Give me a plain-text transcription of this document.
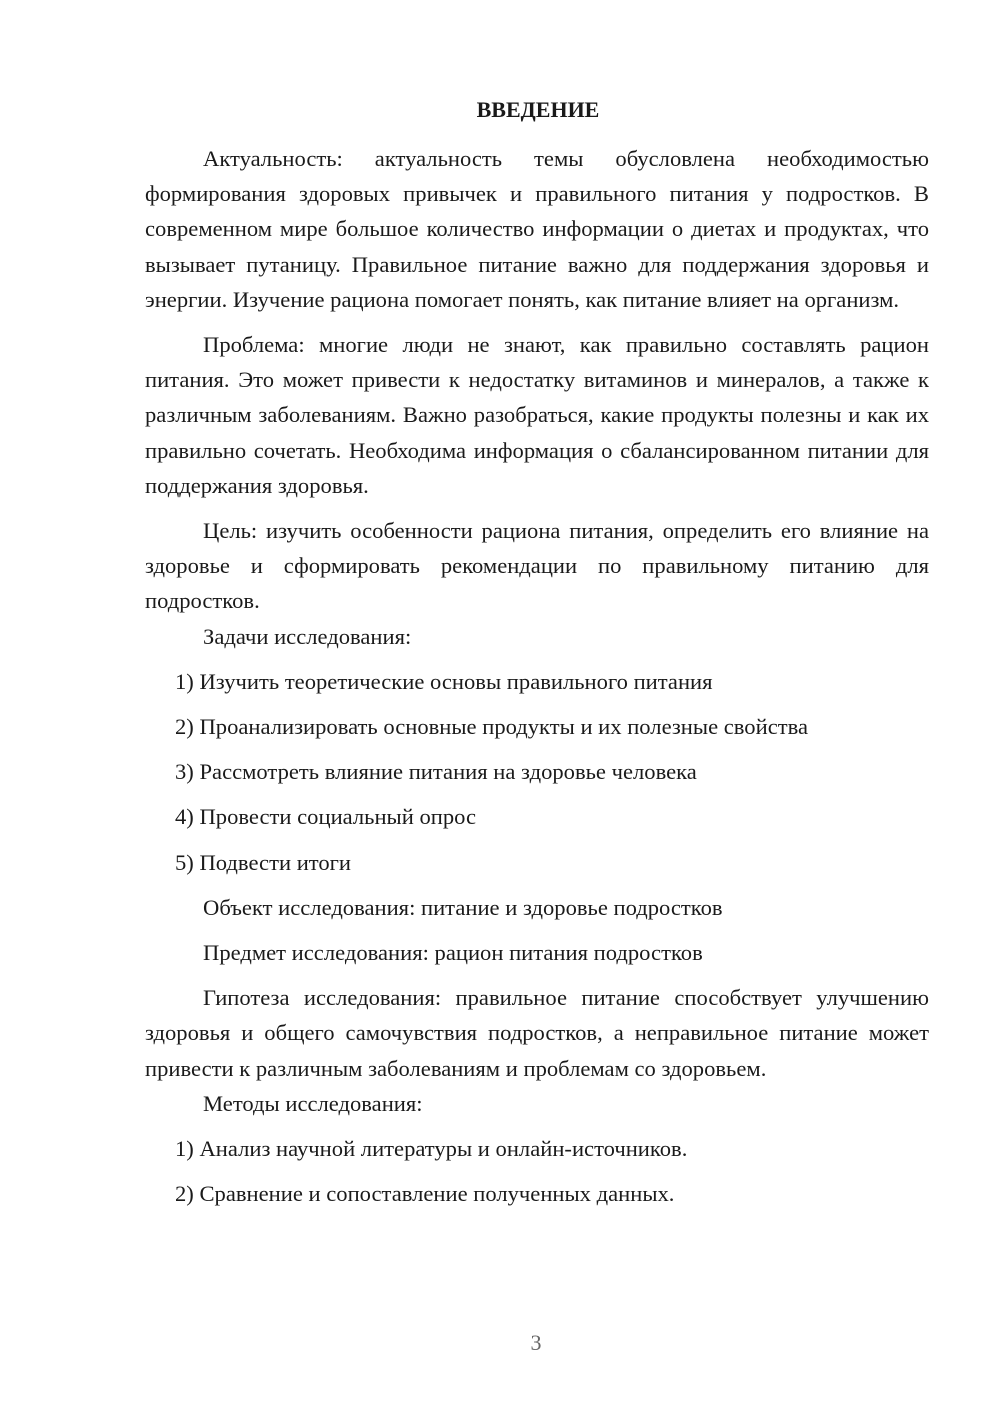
ВВЕДЕНИЕ

Актуальность: актуальность темы обусловлена необходимостью формирования здоровых привычек и правильного питания у подростков. В современном мире большое количество информации о диетах и продуктах, что вызывает путаницу. Правильное питание важно для поддержания здоровья и энергии. Изучение рациона помогает понять, как питание влияет на организм.

Проблема: многие люди не знают, как правильно составлять рацион питания. Это может привести к недостатку витаминов и минералов, а также к различным заболеваниям. Важно разобраться, какие продукты полезны и как их правильно сочетать. Необходима информация о сбалансированном питании для поддержания здоровья.

Цель: изучить особенности рациона питания, определить его влияние на здоровье и сформировать рекомендации по правильному питанию для подростков.

Задачи исследования:

1) Изучить теоретические основы правильного питания

2) Проанализировать основные продукты и их полезные свойства

3) Рассмотреть влияние питания на здоровье человека

4) Провести социальный опрос

5) Подвести итоги

Объект исследования: питание и здоровье подростков

Предмет исследования: рацион питания подростков

Гипотеза исследования: правильное питание способствует улучшению здоровья и общего самочувствия подростков, а неправильное питание может привести к различным заболеваниям и проблемам со здоровьем.

Методы исследования:

1) Анализ научной литературы и онлайн-источников.

2) Сравнение и сопоставление полученных данных.

3
